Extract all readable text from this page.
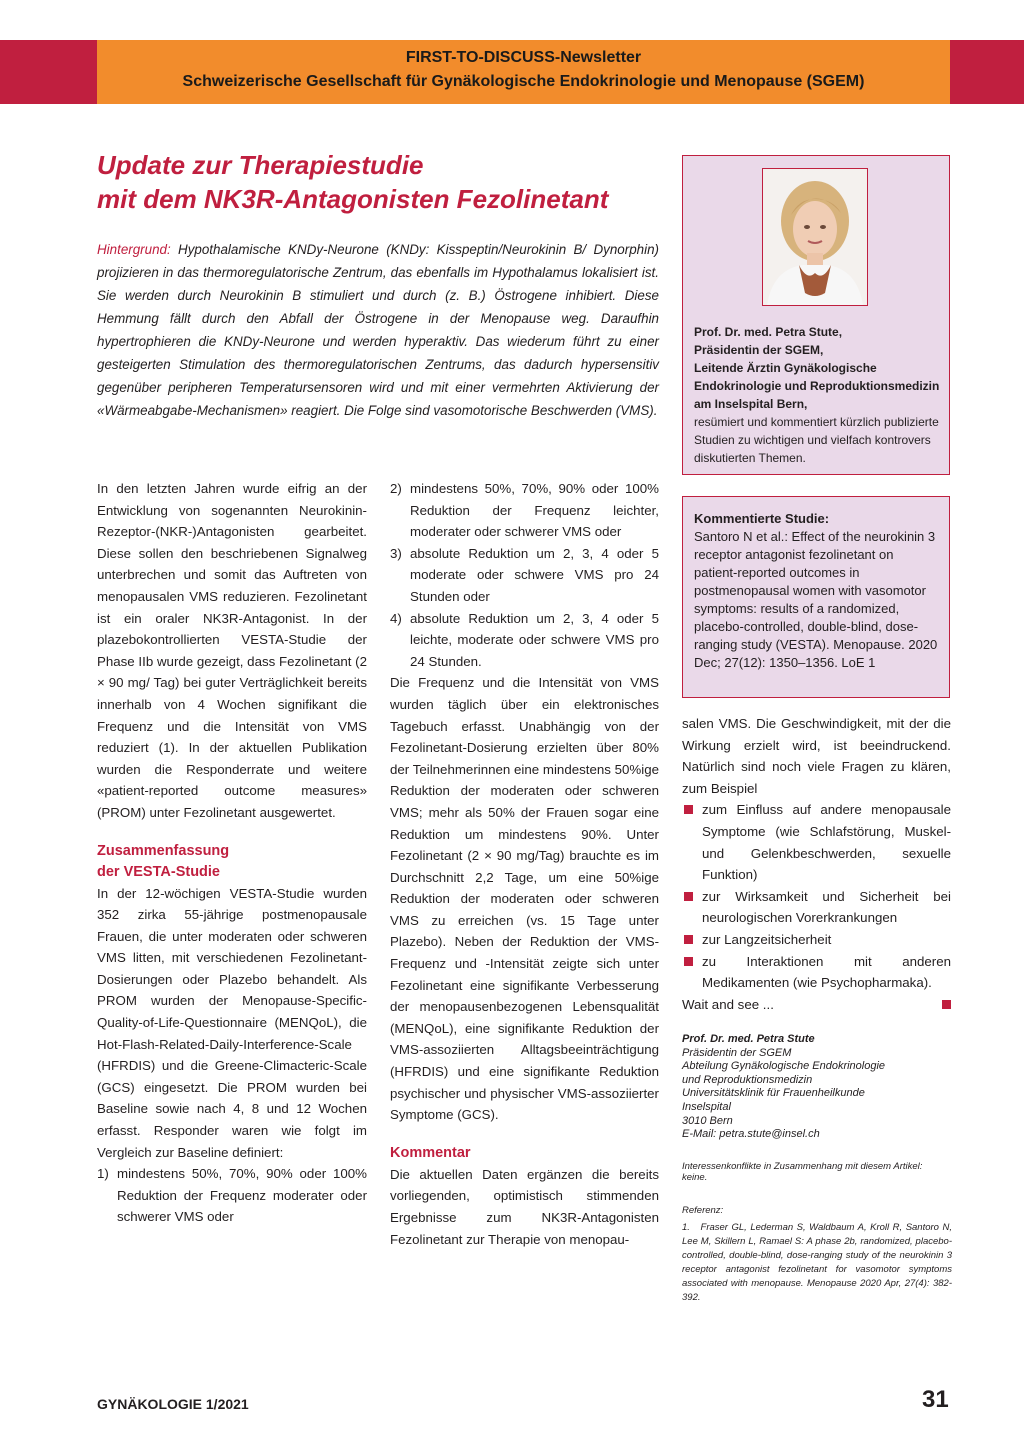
FIRST-TO-DISCUSS-Newsletter
Schweizerische Gesellschaft für Gynäkologische Endokrinologie und Menopause (SGEM)
Update zur Therapiestudie
mit dem NK3R-Antagonisten Fezolinetant
Hintergrund: Hypothalamische KNDy-Neurone (KNDy: Kisspeptin/Neurokinin B/ Dynorphin) projizieren in das thermoregulatorische Zentrum, das ebenfalls im Hypothalamus lokalisiert ist. Sie werden durch Neurokinin B stimuliert und durch (z. B.) Östrogene inhibiert. Diese Hemmung fällt durch den Abfall der Östrogene in der Menopause weg. Daraufhin hypertrophieren die KNDy-Neurone und werden hyperaktiv. Das wiederum führt zu einer gesteigerten Stimulation des thermoregulatorischen Zentrums, das dadurch hypersensitiv gegenüber peripheren Temperatursensoren wird und mit einer vermehrten Aktivierung der «Wärmeabgabe-Mechanismen» reagiert. Die Folge sind vasomotorische Beschwerden (VMS).
Prof. Dr. med. Petra Stute,
Präsidentin der SGEM,
Leitende Ärztin Gynäkologische Endokrinologie und Reproduktionsmedizin am Inselspital Bern,
resümiert und kommentiert kürzlich publizierte Studien zu wichtigen und vielfach kontrovers diskutierten Themen.
Kommentierte Studie:
Santoro N et al.: Effect of the neurokinin 3 receptor antagonist fezolinetant on patient-reported outcomes in postmenopausal women with vasomotor symptoms: results of a randomized, placebo-controlled, double-blind, dose-ranging study (VESTA). Menopause. 2020 Dec; 27(12): 1350–1356. LoE 1

In den letzten Jahren wurde eifrig an der Entwicklung von sogenannten Neurokinin-Rezeptor-(NKR-)Antagonisten gearbeitet. Diese sollen den beschriebenen Signalweg unterbrechen und somit das Auftreten von menopausalen VMS reduzieren. Fezolinetant ist ein oraler NK3R-Antagonist. In der plazebokontrollierten VESTA-Studie der Phase IIb wurde gezeigt, dass Fezolinetant (2 × 90 mg/ Tag) bei guter Verträglichkeit bereits innerhalb von 4 Wochen signifikant die Frequenz und die Intensität von VMS reduziert (1). In der aktuellen Publikation wurden die Responderrate und weitere «patient-reported outcome measures» (PROM) unter Fezolinetant ausgewertet.

Zusammenfassung
der VESTA-Studie

In der 12-wöchigen VESTA-Studie wurden 352 zirka 55-jährige postmenopausale Frauen, die unter moderaten oder schweren VMS litten, mit verschiedenen Fezolinetant-Dosierungen oder Plazebo behandelt. Als PROM wurden der Menopause-Specific-Quality-of-Life-Questionnaire (MENQoL), die Hot-Flash-Related-Daily-Interference-Scale (HFRDIS) und die Greene-Climacteric-Scale (GCS) eingesetzt. Die PROM wurden bei Baseline sowie nach 4, 8 und 12 Wochen erfasst. Responder waren wie folgt im Vergleich zur Baseline definiert:

1) mindestens 50%, 70%, 90% oder 100% Reduktion der Frequenz moderater oder schwerer VMS oder
2) mindestens 50%, 70%, 90% oder 100% Reduktion der Frequenz leichter, moderater oder schwerer VMS oder
3) absolute Reduktion um 2, 3, 4 oder 5 moderate oder schwere VMS pro 24 Stunden oder
4) absolute Reduktion um 2, 3, 4 oder 5 leichte, moderate oder schwere VMS pro 24 Stunden.

Die Frequenz und die Intensität von VMS wurden täglich über ein elektronisches Tagebuch erfasst. Unabhängig von der Fezolinetant-Dosierung erzielten über 80% der Teilnehmerinnen eine mindestens 50%ige Reduktion der moderaten oder schweren VMS; mehr als 50% der Frauen sogar eine Reduktion um mindestens 90%. Unter Fezolinetant (2 × 90 mg/Tag) brauchte es im Durchschnitt 2,2 Tage, um eine 50%ige Reduktion der moderaten oder schweren VMS zu erreichen (vs. 15 Tage unter Plazebo). Neben der Reduktion der VMS-Frequenz und -Intensität zeigte sich unter Fezolinetant eine signifikante Verbesserung der menopausenbezogenen Lebensqualität (MENQoL), eine signifikante Reduktion der VMS-assoziierten Alltagsbeeinträchtigung (HFRDIS) und eine signifikante Reduktion psychischer und physischer VMS-assoziierter Symptome (GCS).

Kommentar

Die aktuellen Daten ergänzen die bereits vorliegenden, optimistisch stimmenden Ergebnisse zum NK3R-Antagonisten Fezolinetant zur Therapie von menopau-

salen VMS. Die Geschwindigkeit, mit der die Wirkung erzielt wird, ist beeindruckend. Natürlich sind noch viele Fragen zu klären, zum Beispiel

zum Einfluss auf andere menopausale Symptome (wie Schlafstörung, Muskel- und Gelenkbeschwerden, sexuelle Funktion)
zur Wirksamkeit und Sicherheit bei neurologischen Vorerkrankungen
zur Langzeitsicherheit
zu Interaktionen mit anderen Medikamenten (wie Psychopharmaka).

Wait and see ...

Prof. Dr. med. Petra Stute
Präsidentin der SGEM
Abteilung Gynäkologische Endokrinologie
und Reproduktionsmedizin
Universitätsklinik für Frauenheilkunde
Inselspital
3010 Bern
E-Mail: petra.stute@insel.ch
Interessenkonflikte in Zusammenhang mit diesem Artikel: keine.
Referenz:
1.   Fraser GL, Lederman S, Waldbaum A, Kroll R, Santoro N, Lee M, Skillern L, Ramael S: A phase 2b, randomized, placebo-controlled, double-blind, dose-ranging study of the neurokinin 3 receptor antagonist fezolinetant for vasomotor symptoms associated with menopause. Menopause 2020 Apr, 27(4): 382-392.
GYNÄKOLOGIE 1/2021	31
